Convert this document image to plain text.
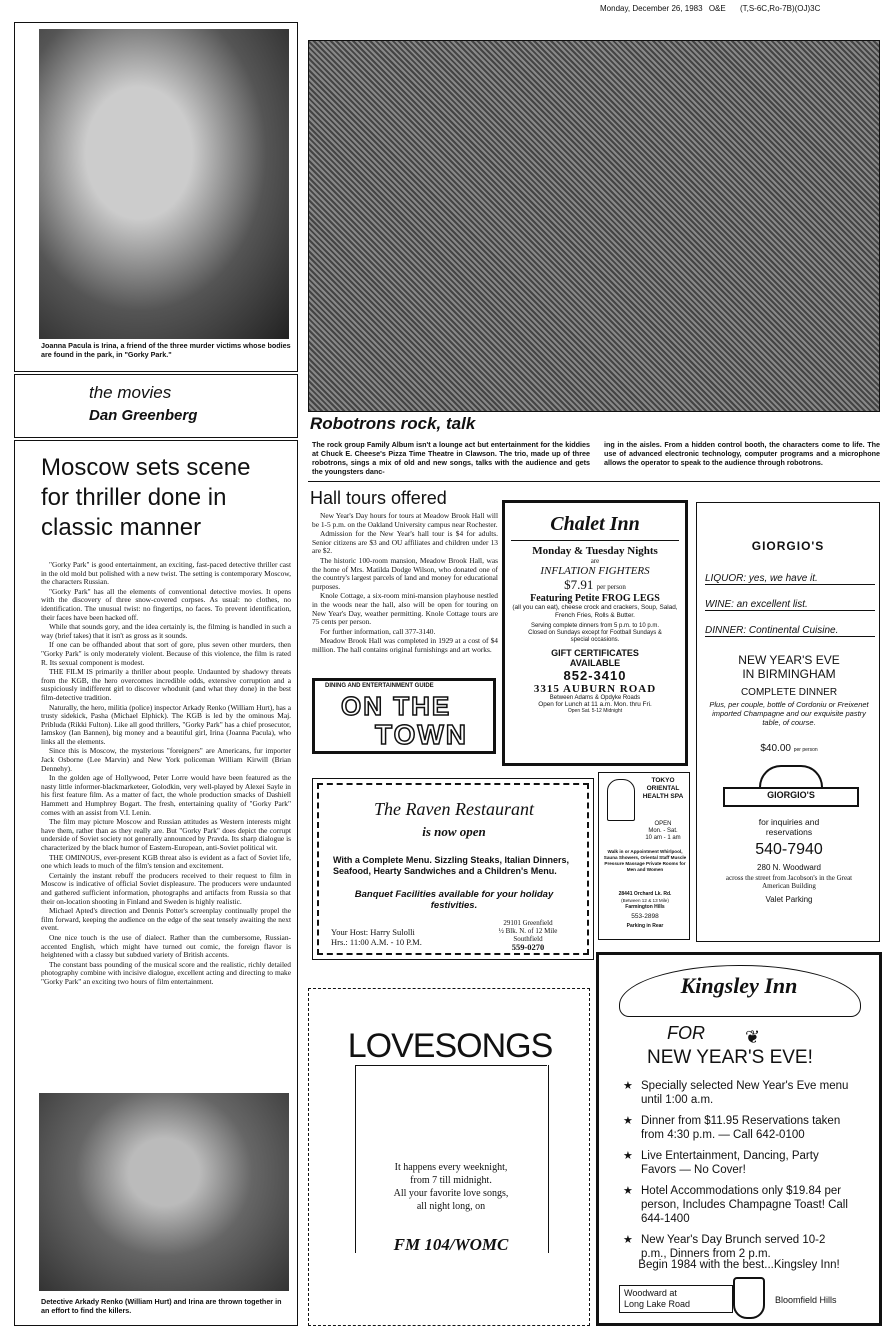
Monday, December 26, 1983 O&E (T,S-6C,Ro-7B)(OJ)3C
Joanna Pacula is Irina, a friend of the three murder victims whose bodies are found in the park, in "Gorky Park."
the movies
Dan Greenberg
Moscow sets scene for thriller done in classic manner

"Gorky Park" is good entertainment, an exciting, fast-paced detective thriller cast in the old mold but polished with a new twist. The setting is contemporary Moscow, the characters Russian.

"Gorky Park" has all the elements of conventional detective movies. It opens with the discovery of three snow-covered corpses. As usual: no clothes, no identification. The unusual twist: no fingertips, no faces. To prevent identification, their faces have been hacked off.

While that sounds gory, and the idea certainly is, the filming is handled in such a way (brief takes) that it isn't as gross as it sounds.

If one can be offhanded about that sort of gore, plus seven other murders, then "Gorky Park" is only moderately violent. Because of this violence, the film is rated R. Its sexual component is modest.

THE FILM IS primarily a thriller about people. Undaunted by shadowy threats from the KGB, the hero overcomes incredible odds, extensive corruption and a suspiciously indifferent girl to discover whodunit (and what they done) in the best film-detective tradition.

Naturally, the hero, militia (police) inspector Arkady Renko (William Hurt), has a trusty sidekick, Pasha (Michael Elphick). The KGB is led by the ominous Maj. Pribluda (Rikki Fulton). Like all good thrillers, "Gorky Park" has a chief prosecutor, Iamskoy (Ian Bannen), big money and a beautiful girl, Irina (Joanna Pacula), who links all the elements.

Since this is Moscow, the mysterious "foreigners" are Americans, fur importer Jack Osborne (Lee Marvin) and New York policeman William Kirwill (Brian Dennehy).

In the golden age of Hollywood, Peter Lorre would have been featured as the nasty little informer-blackmarketeer, Golodkin, very well-played by Alexei Sayle in his first feature film. As a matter of fact, the whole production smacks of Dashiell Hammett and Humphrey Bogart. The fresh, entertaining quality of "Gorky Park" comes with an assist from V.I. Lenin.

The film may picture Moscow and Russian attitudes as Western interests might have them, rather than as they really are. But "Gorky Park" does depict the corrupt underside of Soviet society not generally announced by Pravda. Its sharp dialogue is characterized by the black humor of Eastern-European, anti-Soviet political wit.

THE OMINOUS, ever-present KGB threat also is evident as a fact of Soviet life, one which leads to much of the film's tension and excitement.

Certainly the instant rebuff the producers received to their request to film in Moscow is indicative of official Soviet displeasure. The producers were undaunted and gathered sufficient information, photographs and artifacts from Russia so that their on-location shooting in Finland and Sweden is highly realistic.

Michael Apted's direction and Dennis Potter's screenplay continually propel the film forward, keeping the audience on the edge of the seat tensely awaiting the next event.

One nice touch is the use of dialect. Rather than the cumbersome, Russian-accented English, which might have turned out comic, the foreign flavor is heightened with a classy but subdued variety of British accents.

The constant bass pounding of the musical score and the realistic, richly detailed photography combine with incisive dialogue, excellent acting and directing to make "Gorky Park" an exciting two hours of film entertainment.

Detective Arkady Renko (William Hurt) and Irina are thrown together in an effort to find the killers.
Robotrons rock, talk
The rock group Family Album isn't a lounge act but entertainment for the kiddies at Chuck E. Cheese's Pizza Time Theatre in Clawson. The trio, made up of three robotrons, sings a mix of old and new songs, talks with the audience and gets the youngsters danc-
ing in the aisles. From a hidden control booth, the characters come to life. The use of advanced electronic technology, computer programs and a microphone allows the operator to speak to the audience through robotrons.
Hall tours offered

New Year's Day hours for tours at Meadow Brook Hall will be 1-5 p.m. on the Oakland University campus near Rochester.

Admission for the New Year's hall tour is $4 for adults. Senior citizens are $3 and OU affiliates and children under 13 are $2.

The historic 100-room mansion, Meadow Brook Hall, was the home of Mrs. Matilda Dodge Wilson, who donated one of the country's largest parcels of land and money for educational purposes.

Knole Cottage, a six-room mini-mansion playhouse nestled in the woods near the hall, also will be open for touring on New Year's Day, weather permitting. Knole Cottage tours are 75 cents per person.

For further information, call 377-3140.

Meadow Brook Hall was completed in 1929 at a cost of $4 million. The hall contains original furnishings and art works.

DINING AND ENTERTAINMENT GUIDE
ON THE
TOWN
Chalet Inn
Monday & Tuesday Nights
are
INFLATION FIGHTERS
$7.91 per person
Featuring Petite FROG LEGS
(all you can eat), cheese crock and crackers, Soup, Salad, French Fries, Rolls & Butter.
Serving complete dinners from 5 p.m. to 10 p.m. Closed on Sundays except for Football Sundays & special occasions.
GIFT CERTIFICATES AVAILABLE
852-3410
3315 AUBURN ROAD
Between Adams & Opdyke Roads
Open for Lunch at 11 a.m. Mon. thru Fri.
Open Sat. 5-12 Midnight
GIORGIO'S
LIQUOR: yes, we have it.
WINE: an excellent list.
DINNER: Continental Cuisine.
NEW YEAR'S EVE
IN BIRMINGHAM
COMPLETE DINNER
Plus, per couple, bottle of Cordoniu or Freixenet imported Champagne and our exquisite pastry table, of course.
$40.00 per person
GIORGIO'S
for inquiries and reservations
540-7940
280 N. Woodward
across the street from Jacobson's in the Great American Building
Valet Parking
The Raven Restaurant
is now open
With a Complete Menu. Sizzling Steaks, Italian Dinners, Seafood, Hearty Sandwiches and a Children's Menu.
Banquet Facilities available for your holiday festivities.
Your Host: Harry Sulolli
Hrs.: 11:00 A.M. - 10 P.M.
29101 Greenfield
½ Blk. N. of 12 Mile
Southfield
559-0270
TOKYO ORIENTAL HEALTH SPA
OPEN
Mon. - Sat.
10 am - 1 am
Walk in or Appointment Whirlpool, Sauna Showers, Oriental Staff Muscle Pressure Massage Private Rooms for Men and Women
28441 Orchard Lk. Rd.
(Between 12 & 13 Mile)
Farmington Hills
553-2898
Parking in Rear
LOVESONGS
It happens every weeknight,
from 7 till midnight.
All your favorite love songs,
all night long, on
FM 104/WOMC
Kingsley Inn
FOR ❦
NEW YEAR'S EVE!
★ Specially selected New Year's Eve menu until 1:00 a.m.
★ Dinner from $11.95 Reservations taken from 4:30 p.m. — Call 642-0100
★ Live Entertainment, Dancing, Party Favors — No Cover!
★ Hotel Accommodations only $19.84 per person, Includes Champagne Toast! Call 644-1400
★ New Year's Day Brunch served 10-2 p.m., Dinners from 2 p.m.
Begin 1984 with the best...Kingsley Inn!
Woodward at
Long Lake Road	Bloomfield Hills
